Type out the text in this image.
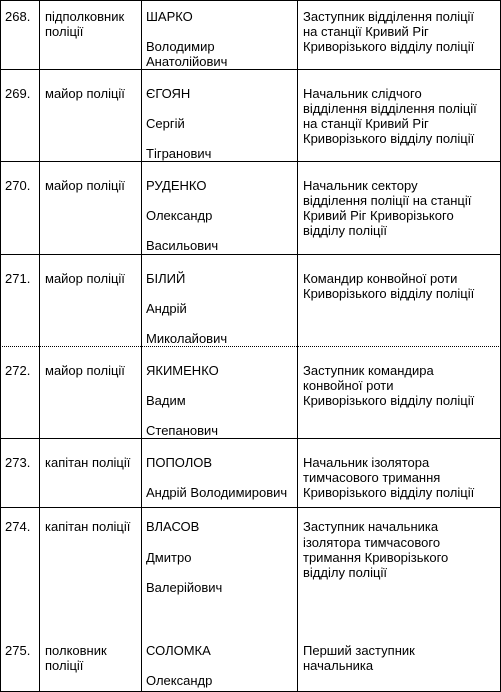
268. підполковник
поліції
ШАРКО
Володимир
Анатолійович
Заступник відділення поліції
на станції Кривий Ріг
Криворізького відділу поліції
269. майор поліції ЄГОЯН
Сергій
Тігранович
Начальник слідчого
відділення відділення поліції
на станції Кривий Ріг
Криворізького відділу поліції
270. майор поліції РУДЕНКО
Олександр
Васильович
Начальник сектору
відділення поліції на станції
Кривий Ріг Криворізького
відділу поліції
271. майор поліції БІЛИЙ
Андрій
Миколайович
Командир конвойної роти
Криворізького відділу поліції
272. майор поліції ЯКИМЕНКО
Вадим
Степанович
Заступник командира
конвойної роти
Криворізького відділу поліції
273. капітан поліції ПОПОЛОВ
Андрій Володимирович
Начальник ізолятора
тимчасового тримання
Криворізького відділу поліції
274. капітан поліції ВЛАСОВ
Дмитро
Валерійович
Заступник начальника
ізолятора тимчасового
тримання Криворізького
відділу поліції
275. полковник
поліції
СОЛОМКА
Олександр
Перший заступник
начальника
